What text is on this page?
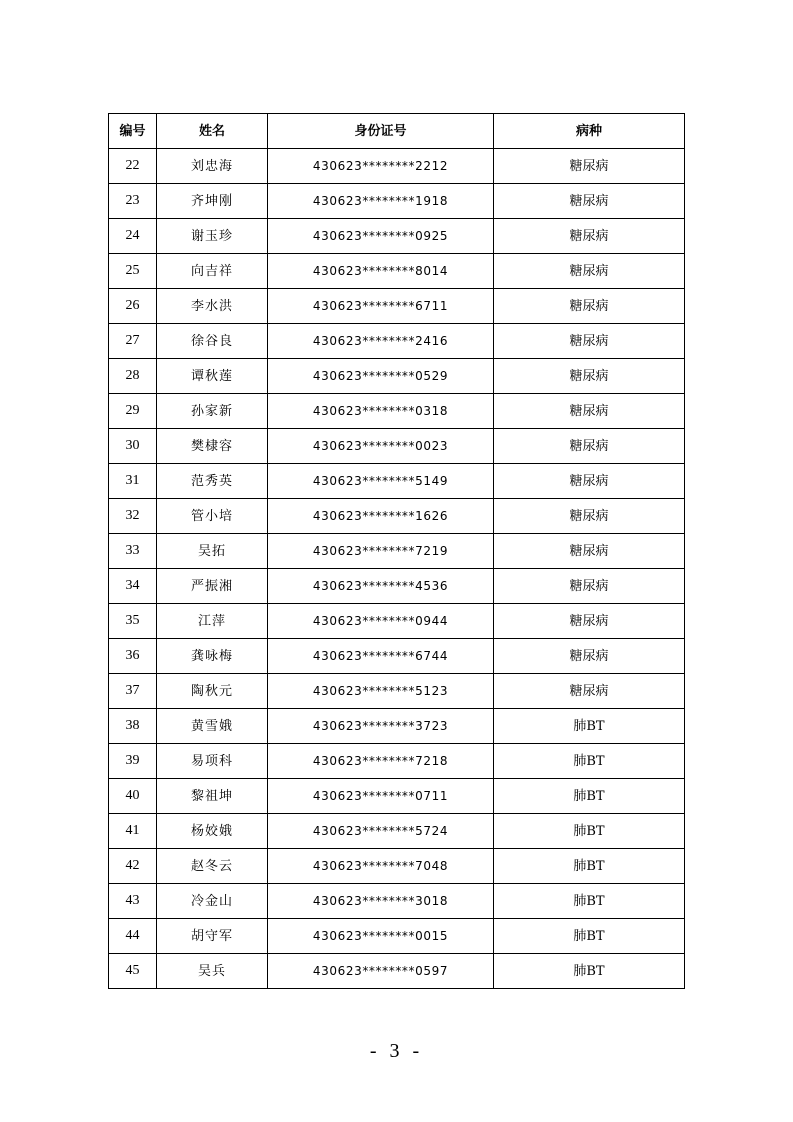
编号	姓名	身份证号	病种
22	刘忠海	430623********2212	糖尿病
23	齐坤刚	430623********1918	糖尿病
24	谢玉珍	430623********0925	糖尿病
25	向吉祥	430623********8014	糖尿病
26	李水洪	430623********6711	糖尿病
27	徐谷良	430623********2416	糖尿病
28	谭秋莲	430623********0529	糖尿病
29	孙家新	430623********0318	糖尿病
30	樊棣容	430623********0023	糖尿病
31	范秀英	430623********5149	糖尿病
32	管小培	430623********1626	糖尿病
33	吴拓	430623********7219	糖尿病
34	严振湘	430623********4536	糖尿病
35	江萍	430623********0944	糖尿病
36	龚咏梅	430623********6744	糖尿病
37	陶秋元	430623********5123	糖尿病
38	黄雪娥	430623********3723	肺BT
39	易项科	430623********7218	肺BT
40	黎祖坤	430623********0711	肺BT
41	杨姣娥	430623********5724	肺BT
42	赵冬云	430623********7048	肺BT
43	冷金山	430623********3018	肺BT
44	胡守军	430623********0015	肺BT
45	吴兵	430623********0597	肺BT
- 3 -
